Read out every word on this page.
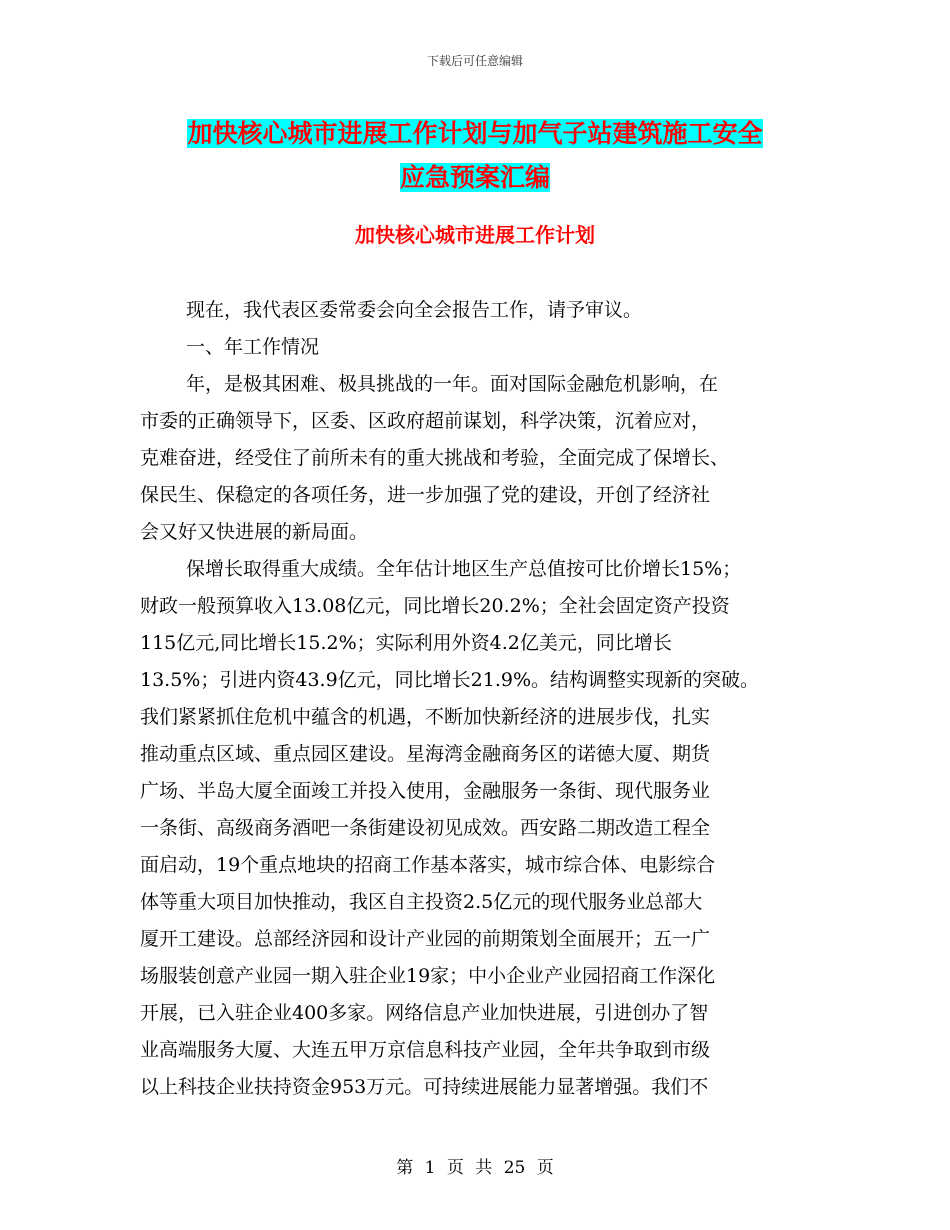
下载后可任意编辑
加快核心城市进展工作计划与加气子站建筑施工安全
应急预案汇编
加快核心城市进展工作计划
现在，我代表区委常委会向全会报告工作，请予审议。
一、年工作情况
年，是极其困难、极具挑战的一年。面对国际金融危机影响，在
市委的正确领导下，区委、区政府超前谋划，科学决策，沉着应对，
克难奋进，经受住了前所未有的重大挑战和考验，全面完成了保增长、
保民生、保稳定的各项任务，进一步加强了党的建设，开创了经济社
会又好又快进展的新局面。
保增长取得重大成绩。全年估计地区生产总值按可比价增长15%；
财政一般预算收入13.08亿元，同比增长20.2%；全社会固定资产投资
115亿元,同比增长15.2%；实际利用外资4.2亿美元，同比增长
13.5%；引进内资43.9亿元，同比增长21.9%。结构调整实现新的突破。
我们紧紧抓住危机中蕴含的机遇，不断加快新经济的进展步伐，扎实
推动重点区域、重点园区建设。星海湾金融商务区的诺德大厦、期货
广场、半岛大厦全面竣工并投入使用，金融服务一条街、现代服务业
一条街、高级商务酒吧一条街建设初见成效。西安路二期改造工程全
面启动，19个重点地块的招商工作基本落实，城市综合体、电影综合
体等重大项目加快推动，我区自主投资2.5亿元的现代服务业总部大
厦开工建设。总部经济园和设计产业园的前期策划全面展开；五一广
场服装创意产业园一期入驻企业19家；中小企业产业园招商工作深化
开展，已入驻企业400多家。网络信息产业加快进展，引进创办了智
业高端服务大厦、大连五甲万京信息科技产业园，全年共争取到市级
以上科技企业扶持资金953万元。可持续进展能力显著增强。我们不
第 1 页 共 25 页
